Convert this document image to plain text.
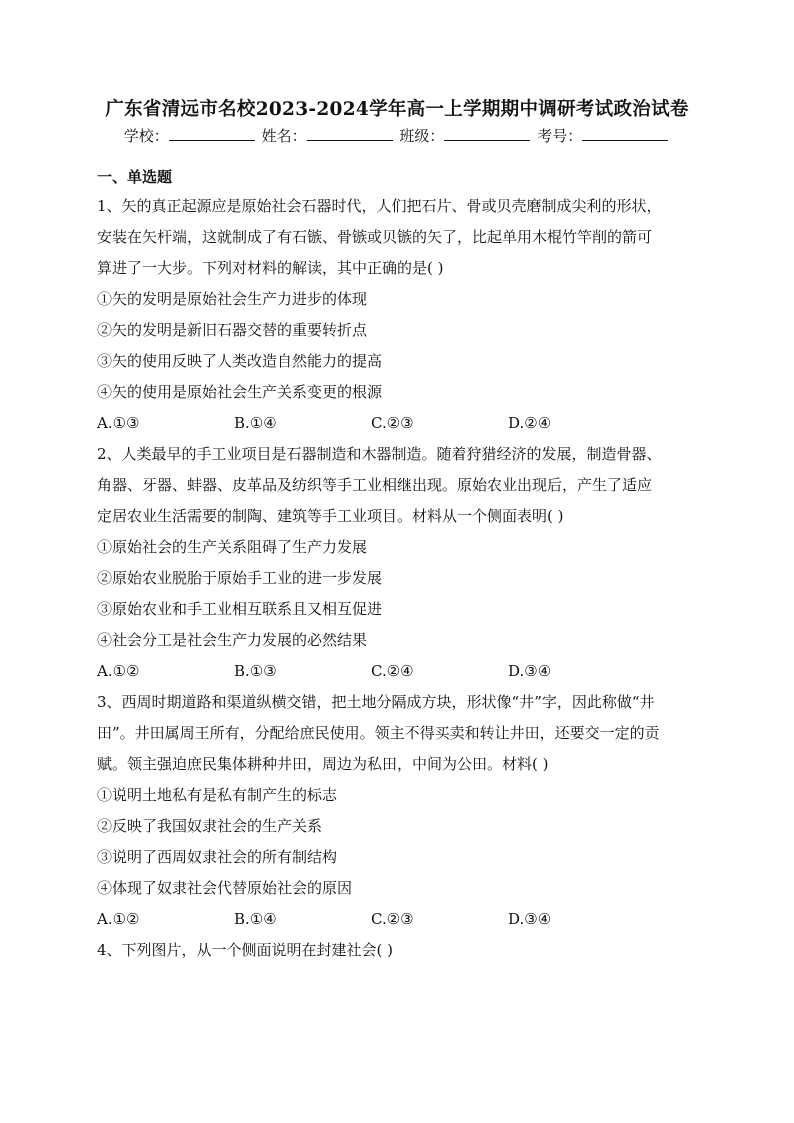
广东省清远市名校2023-2024学年高一上学期期中调研考试政治试卷
学校：	姓名：	班级：	考号：
一、单选题

1、矢的真正起源应是原始社会石器时代，人们把石片、骨或贝壳磨制成尖利的形状，

安装在矢杆端，这就制成了有石镞、骨镞或贝镞的矢了，比起单用木棍竹竿削的箭可

算进了一大步。下列对材料的解读，其中正确的是( )

①矢的发明是原始社会生产力进步的体现

②矢的发明是新旧石器交替的重要转折点

③矢的使用反映了人类改造自然能力的提高

④矢的使用是原始社会生产关系变更的根源

A.①③	B.①④	C.②③	D.②④

2、人类最早的手工业项目是石器制造和木器制造。随着狩猎经济的发展，制造骨器、

角器、牙器、蚌器、皮革品及纺织等手工业相继出现。原始农业出现后，产生了适应

定居农业生活需要的制陶、建筑等手工业项目。材料从一个侧面表明( )

①原始社会的生产关系阻碍了生产力发展

②原始农业脱胎于原始手工业的进一步发展

③原始农业和手工业相互联系且又相互促进

④社会分工是社会生产力发展的必然结果

A.①②	B.①③	C.②④	D.③④

3、西周时期道路和渠道纵横交错，把土地分隔成方块，形状像“井”字，因此称做“井

田”。井田属周王所有，分配给庶民使用。领主不得买卖和转让井田，还要交一定的贡

赋。领主强迫庶民集体耕种井田，周边为私田，中间为公田。材料( )

①说明土地私有是私有制产生的标志

②反映了我国奴隶社会的生产关系

③说明了西周奴隶社会的所有制结构

④体现了奴隶社会代替原始社会的原因

A.①②	B.①④	C.②③	D.③④

4、下列图片，从一个侧面说明在封建社会( )
